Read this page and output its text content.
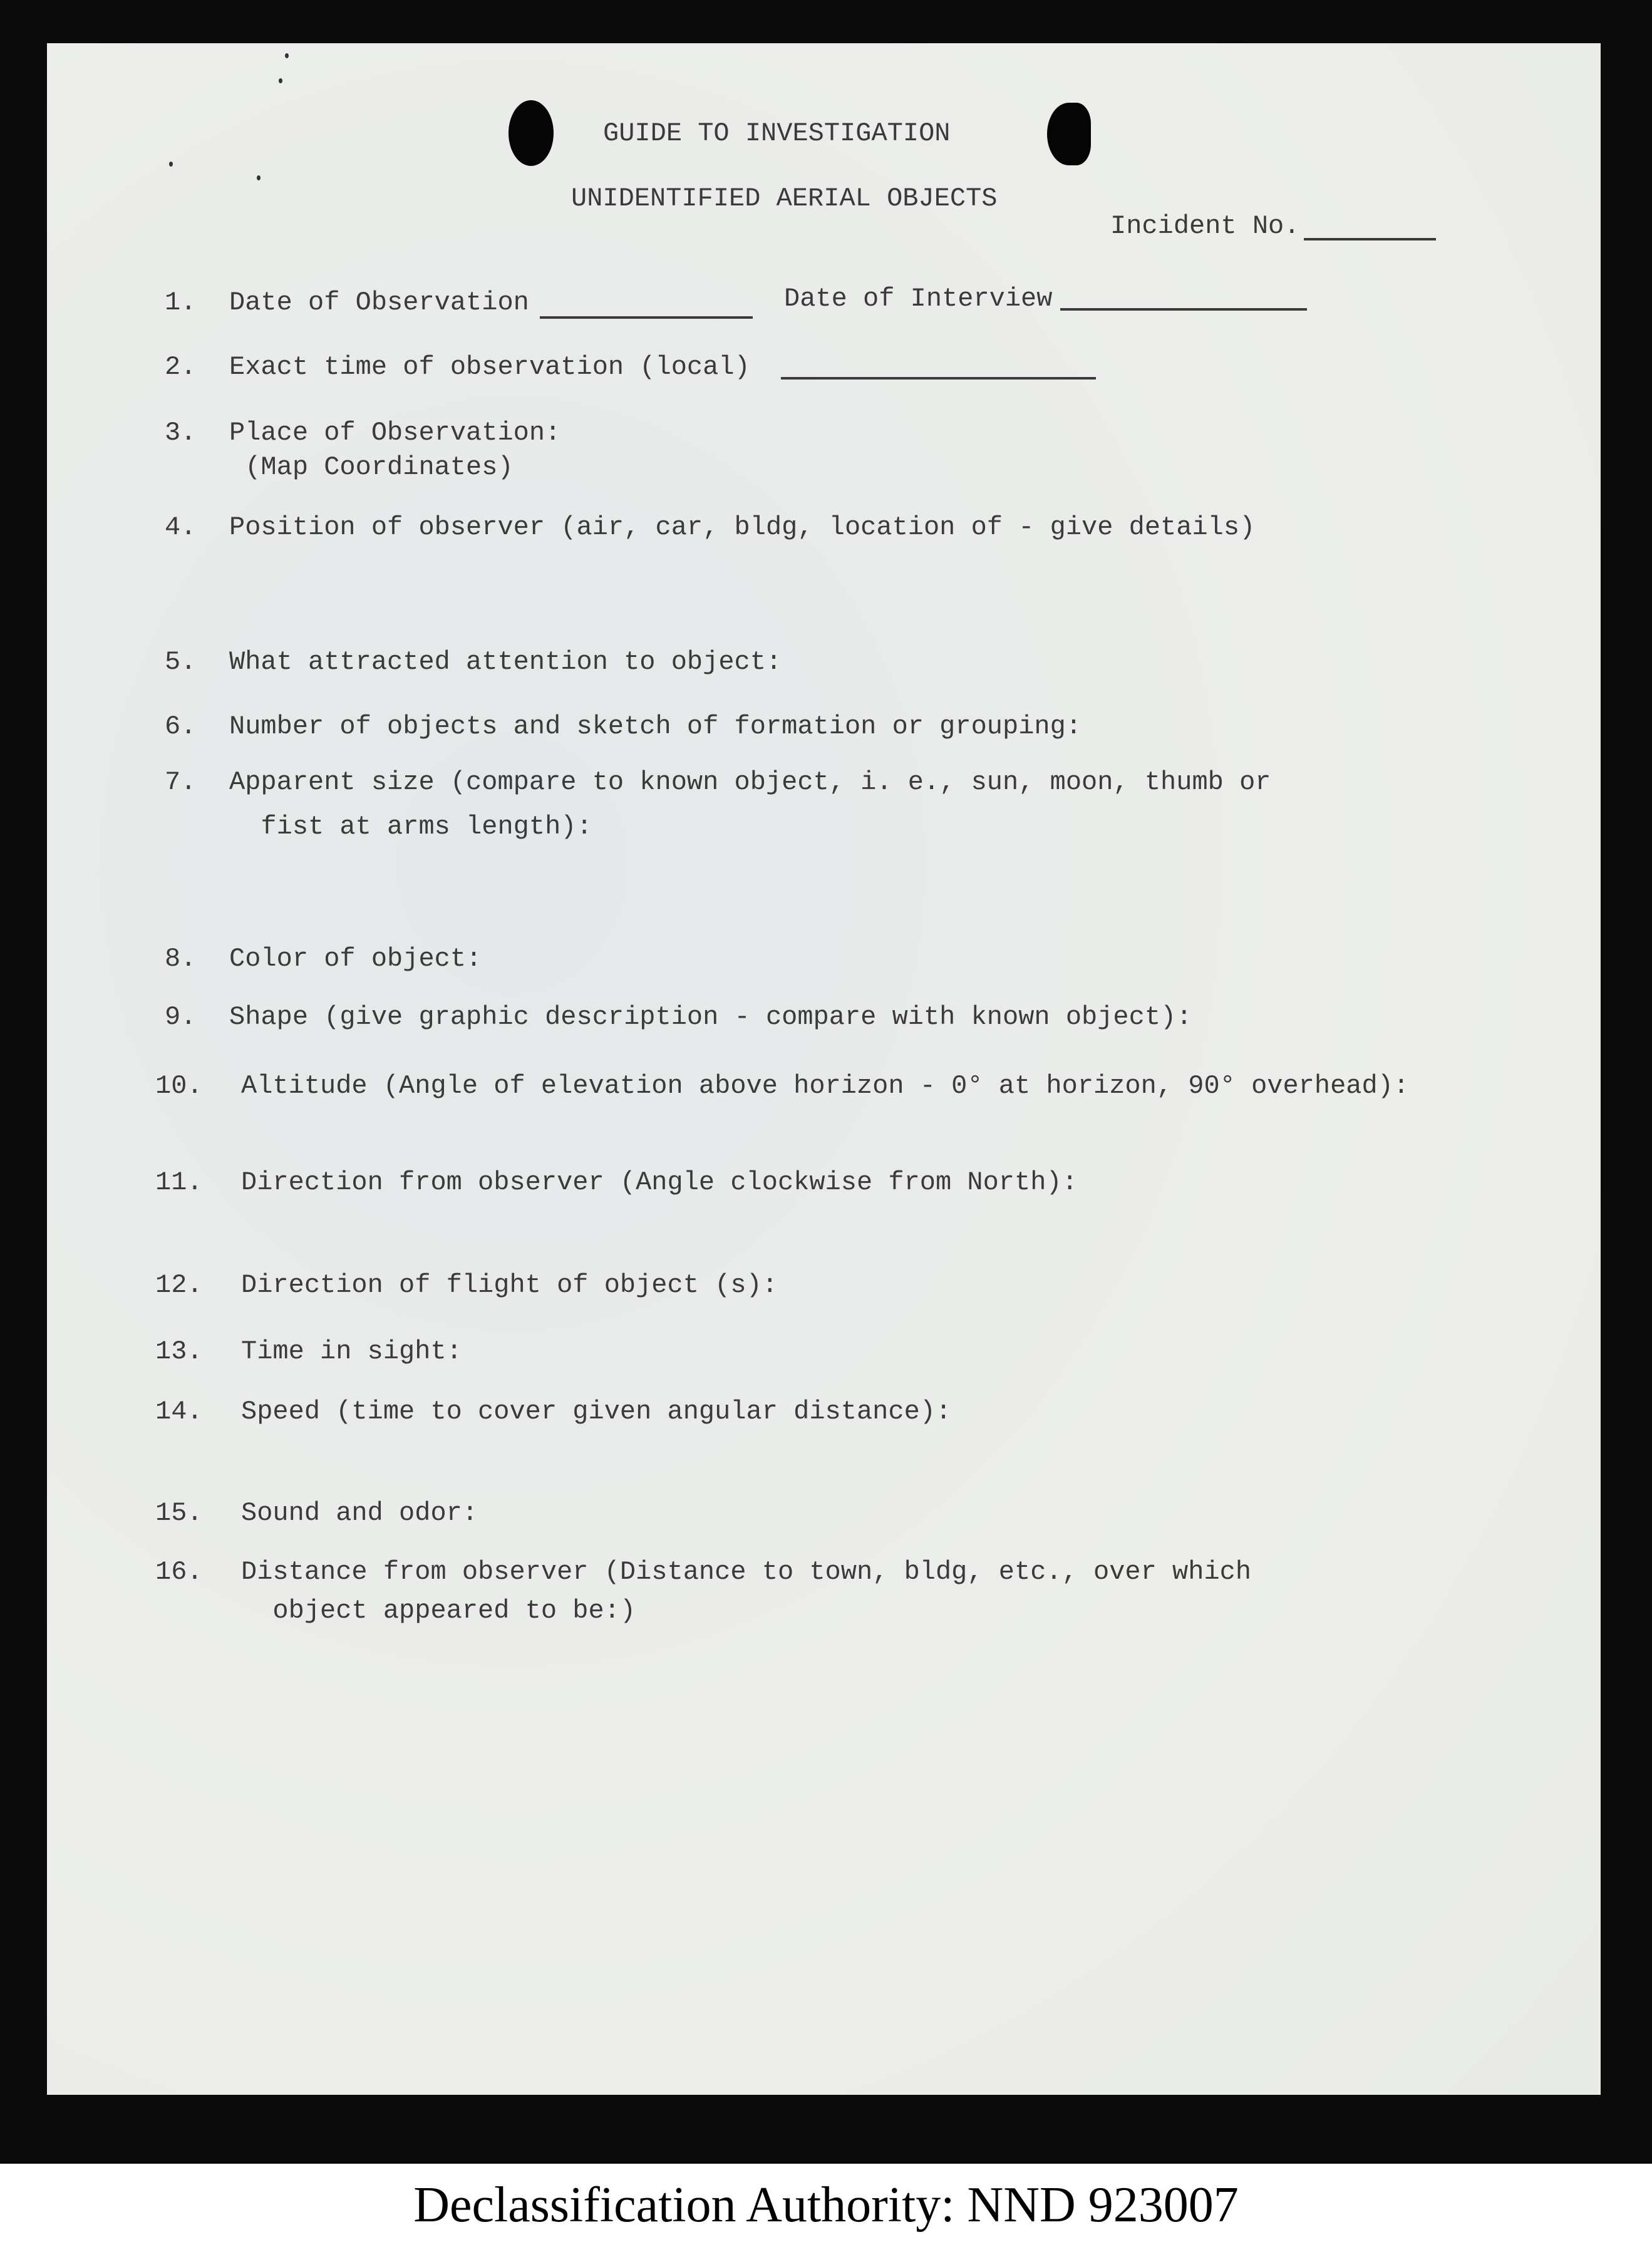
GUIDE TO INVESTIGATION
UNIDENTIFIED AERIAL OBJECTS
Incident No.
1. Date of Observation	Date of Interview
2. Exact time of observation (local)
3. Place of Observation:
(Map Coordinates)
4. Position of observer (air, car, bldg, location of - give details)
5. What attracted attention to object:
6. Number of objects and sketch of formation or grouping:
7. Apparent size (compare to known object, i. e., sun, moon, thumb or
fist at arms length):
8. Color of object:
9. Shape (give graphic description - compare with known object):
10. Altitude (Angle of elevation above horizon - 0° at horizon, 90° overhead):
11. Direction from observer (Angle clockwise from North):
12. Direction of flight of object (s):
13. Time in sight:
14. Speed (time to cover given angular distance):
15. Sound and odor:
16. Distance from observer (Distance to town, bldg, etc., over which
object appeared to be:)
Declassification Authority: NND 923007
